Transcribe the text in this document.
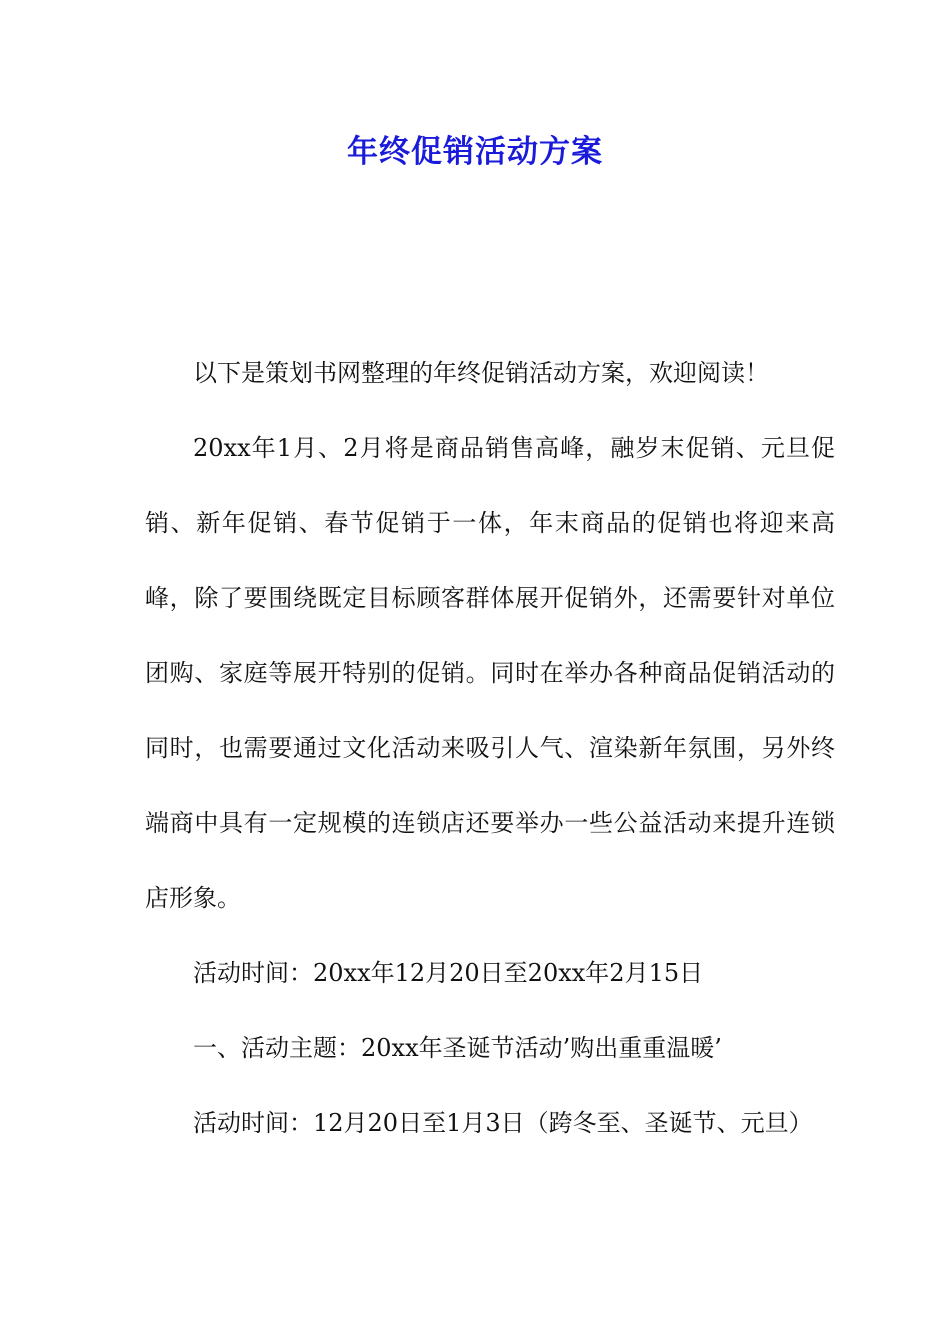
年终促销活动方案

以下是策划书网整理的年终促销活动方案，欢迎阅读！

20xx年1月、2月将是商品销售高峰，融岁末促销、元旦促销、新年促销、春节促销于一体，年末商品的促销也将迎来高峰，除了要围绕既定目标顾客群体展开促销外，还需要针对单位团购、家庭等展开特别的促销。同时在举办各种商品促销活动的同时，也需要通过文化活动来吸引人气、渲染新年氛围，另外终端商中具有一定规模的连锁店还要举办一些公益活动来提升连锁店形象。

活动时间：20xx年12月20日至20xx年2月15日

一、活动主题：20xx年圣诞节活动’购出重重温暖’

活动时间：12月20日至1月3日（跨冬至、圣诞节、元旦）
